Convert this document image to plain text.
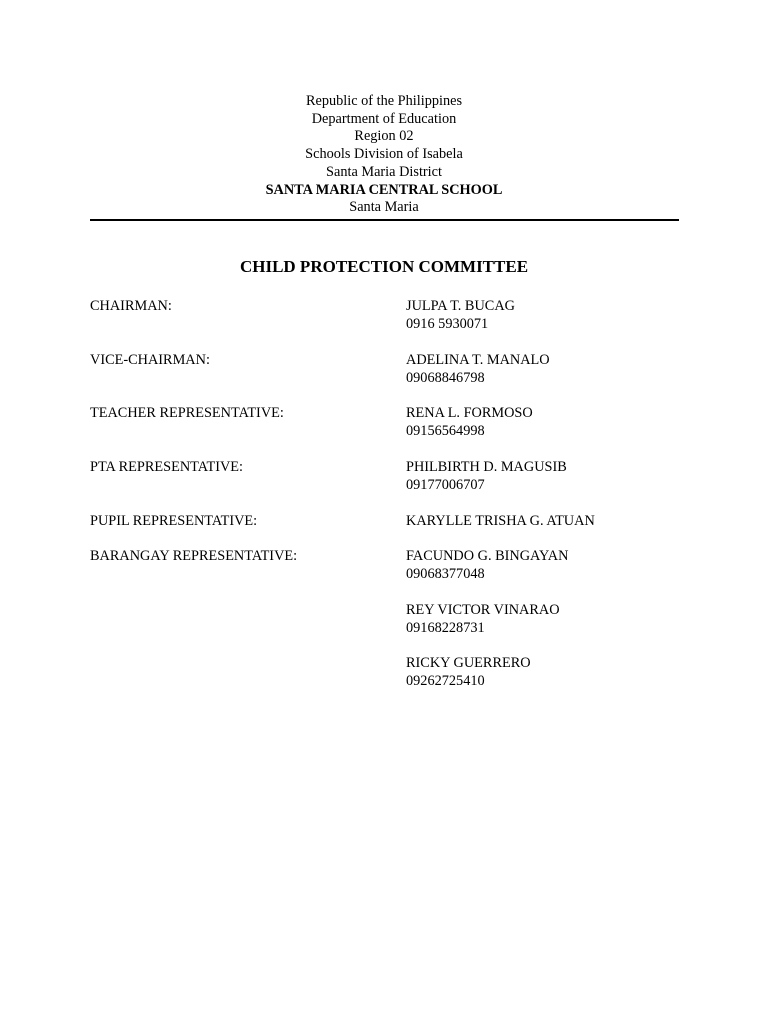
Republic of the Philippines
Department of Education
Region 02
Schools Division of Isabela
Santa Maria District
SANTA MARIA CENTRAL SCHOOL
Santa Maria
CHILD PROTECTION COMMITTEE
CHAIRMAN:
VICE-CHAIRMAN:
TEACHER REPRESENTATIVE:
PTA REPRESENTATIVE:
PUPIL REPRESENTATIVE:
BARANGAY REPRESENTATIVE:
JULPA T. BUCAG
0916 5930071
ADELINA T. MANALO
09068846798
RENA L. FORMOSO
09156564998
PHILBIRTH D. MAGUSIB
09177006707
KARYLLE TRISHA G. ATUAN
FACUNDO G. BINGAYAN
09068377048
REY VICTOR VINARAO
09168228731
RICKY GUERRERO
09262725410
